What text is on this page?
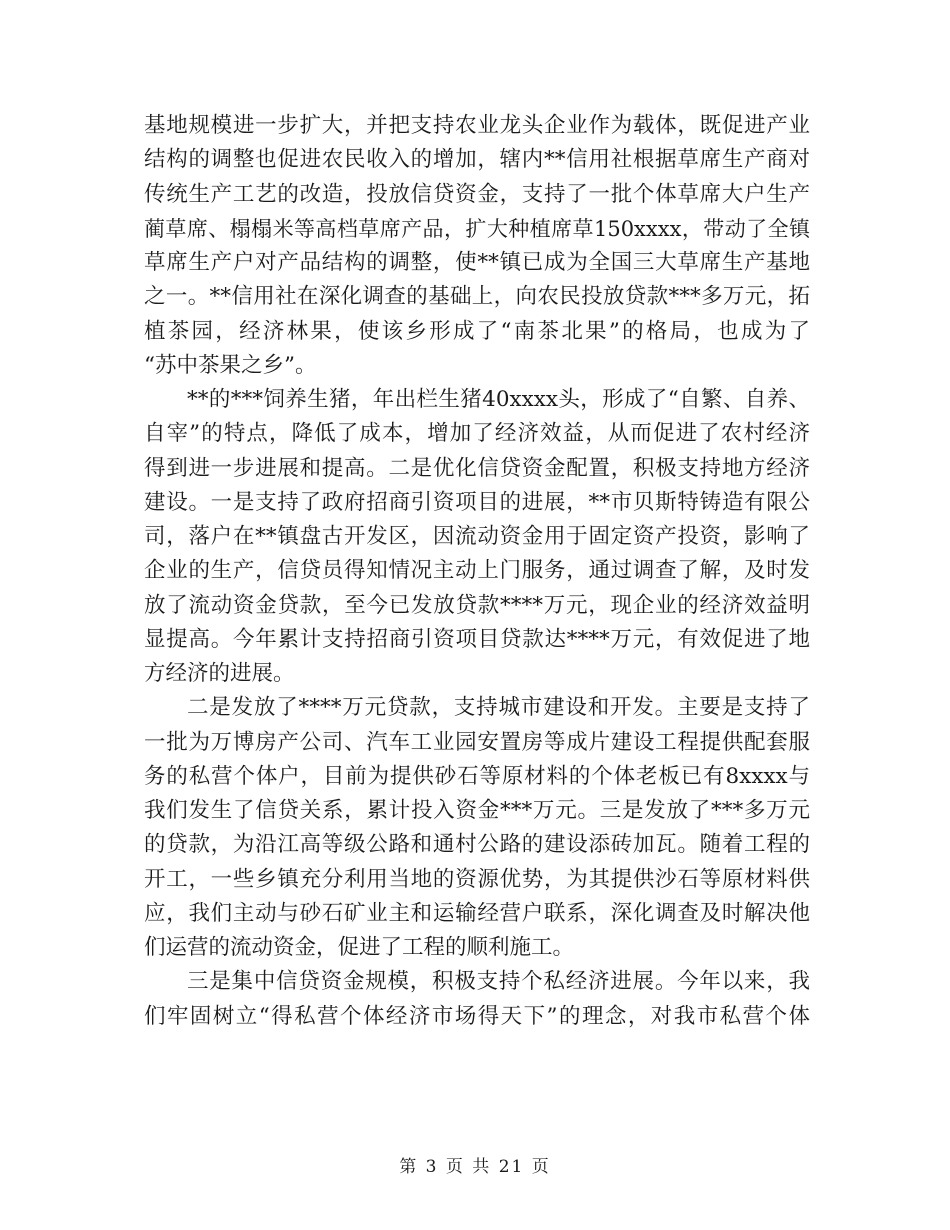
基地规模进一步扩大，并把支持农业龙头企业作为载体，既促进产业
结构的调整也促进农民收入的增加，辖内**信用社根据草席生产商对
传统生产工艺的改造，投放信贷资金，支持了一批个体草席大户生产
蔺草席、榻榻米等高档草席产品，扩大种植席草150xxxx，带动了全镇
草席生产户对产品结构的调整，使**镇已成为全国三大草席生产基地
之一。**信用社在深化调查的基础上，向农民投放贷款***多万元，拓
植茶园，经济林果，使该乡形成了“南茶北果”的格局，也成为了
“苏中茶果之乡”。
**的***饲养生猪，年出栏生猪40xxxx头，形成了“自繁、自养、
自宰”的特点，降低了成本，增加了经济效益，从而促进了农村经济
得到进一步进展和提高。二是优化信贷资金配置，积极支持地方经济
建设。一是支持了政府招商引资项目的进展，**市贝斯特铸造有限公
司，落户在**镇盘古开发区，因流动资金用于固定资产投资，影响了
企业的生产，信贷员得知情况主动上门服务，通过调查了解，及时发
放了流动资金贷款，至今已发放贷款****万元，现企业的经济效益明
显提高。今年累计支持招商引资项目贷款达****万元，有效促进了地
方经济的进展。
二是发放了****万元贷款，支持城市建设和开发。主要是支持了
一批为万博房产公司、汽车工业园安置房等成片建设工程提供配套服
务的私营个体户，目前为提供砂石等原材料的个体老板已有8xxxx与
我们发生了信贷关系，累计投入资金***万元。三是发放了***多万元
的贷款，为沿江高等级公路和通村公路的建设添砖加瓦。随着工程的
开工，一些乡镇充分利用当地的资源优势，为其提供沙石等原材料供
应，我们主动与砂石矿业主和运输经营户联系，深化调查及时解决他
们运营的流动资金，促进了工程的顺利施工。
三是集中信贷资金规模，积极支持个私经济进展。今年以来，我
们牢固树立“得私营个体经济市场得天下”的理念，对我市私营个体
第 3 页 共 21 页
